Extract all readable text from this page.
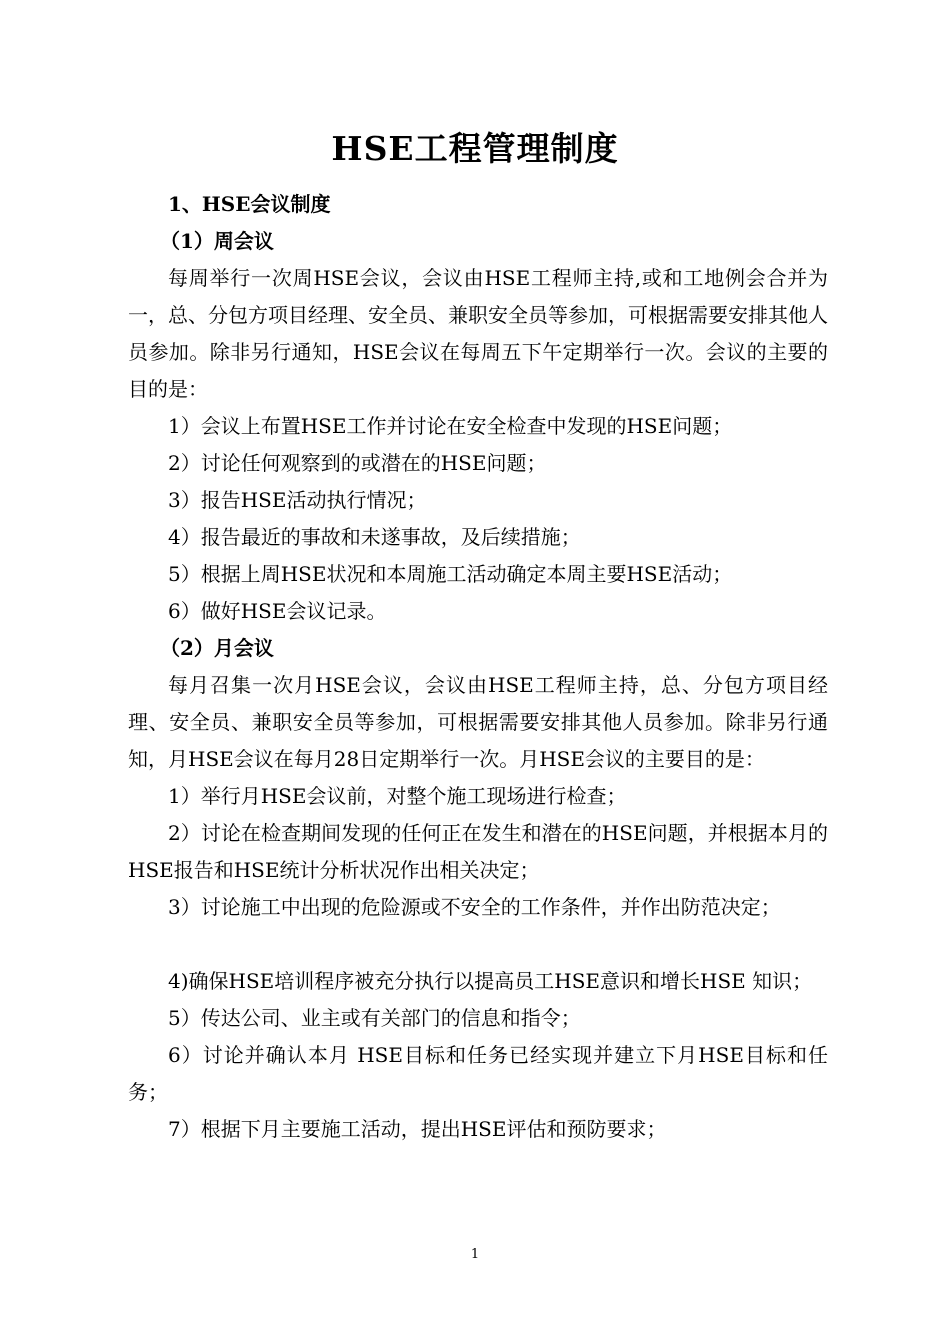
HSE工程管理制度

1、HSE会议制度

（1）周会议

每周举行一次周HSE会议，会议由HSE工程师主持,或和工地例会合并为一，总、分包方项目经理、安全员、兼职安全员等参加，可根据需要安排其他人员参加。除非另行通知，HSE会议在每周五下午定期举行一次。会议的主要的目的是：

1）会议上布置HSE工作并讨论在安全检查中发现的HSE问题；

2）讨论任何观察到的或潜在的HSE问题；

3）报告HSE活动执行情况；

4）报告最近的事故和未遂事故，及后续措施；

5）根据上周HSE状况和本周施工活动确定本周主要HSE活动；

6）做好HSE会议记录。

（2）月会议

每月召集一次月HSE会议，会议由HSE工程师主持，总、分包方项目经理、安全员、兼职安全员等参加，可根据需要安排其他人员参加。除非另行通知，月HSE会议在每月28日定期举行一次。月HSE会议的主要目的是：

1）举行月HSE会议前，对整个施工现场进行检查；

2）讨论在检查期间发现的任何正在发生和潜在的HSE问题，并根据本月的HSE报告和HSE统计分析状况作出相关决定；

3）讨论施工中出现的危险源或不安全的工作条件，并作出防范决定；

4)确保HSE培训程序被充分执行以提高员工HSE意识和增长HSE 知识；

5）传达公司、业主或有关部门的信息和指令；

6）讨论并确认本月 HSE目标和任务已经实现并建立下月HSE目标和任务；

7）根据下月主要施工活动，提出HSE评估和预防要求；

1
